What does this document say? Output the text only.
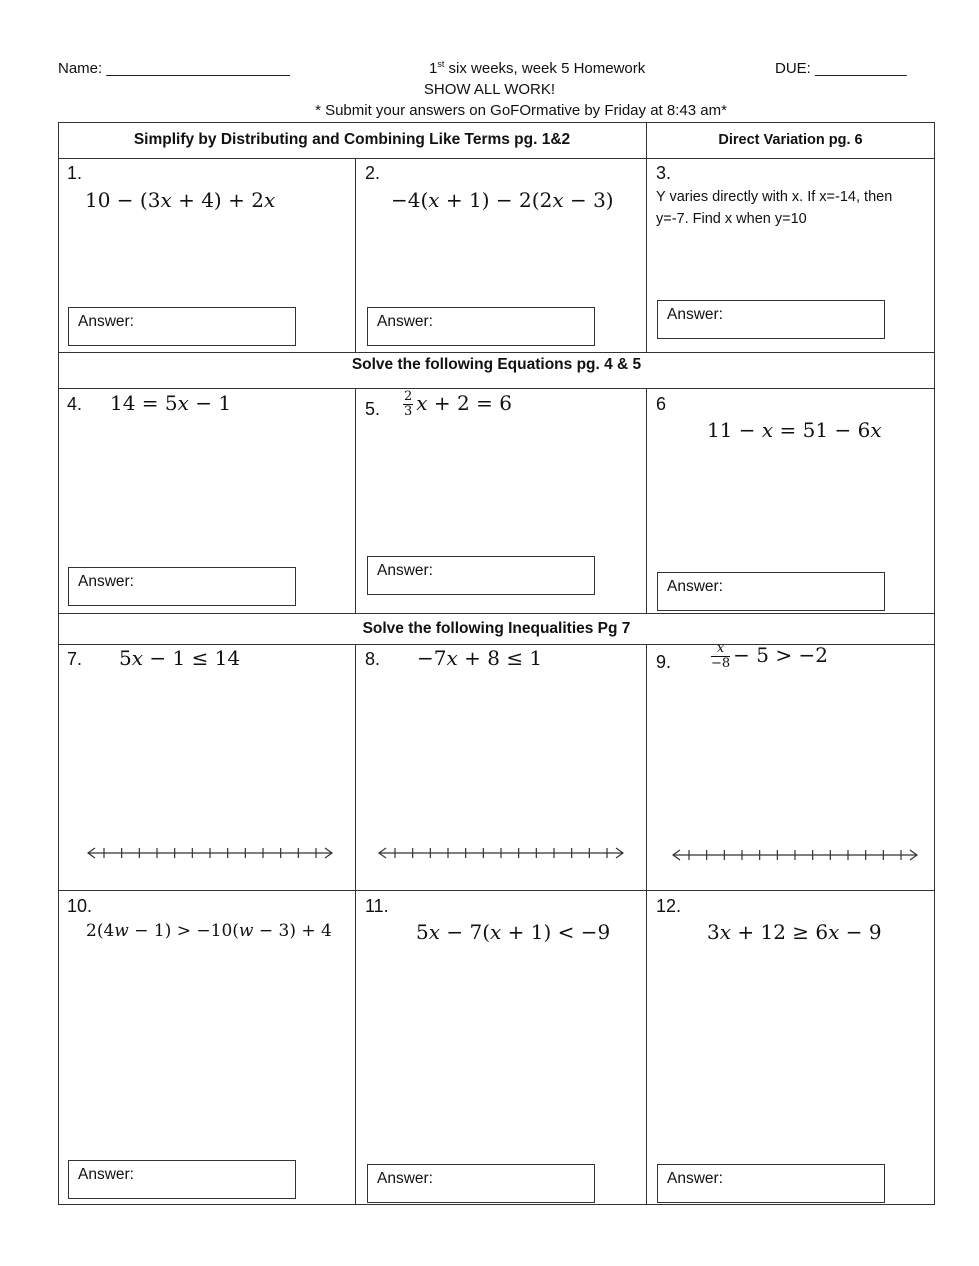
Name: ______________________	1st six weeks, week 5 Homework	DUE: ___________
SHOW ALL WORK!
* Submit your answers on GoFOrmative by Friday at 8:43 am*
Simplify by Distributing and Combining Like Terms pg. 1&2	Direct Variation pg. 6
Solve the following Equations pg. 4 & 5
Solve the following Inequalities Pg 7
1.
10 − (3x + 4) + 2x
Answer:
2.
−4(x + 1) − 2(2x − 3)
Answer:
3.
Y varies directly with x. If x=-14, then y=-7. Find x when y=10
Answer:
4. 14 = 5x − 1
Answer:
5. $\frac{2}{3}$ x + 2 = 6
Answer:
6
11 − x = 51 − 6x
Answer:
7. 5x − 1 ≤ 14	8. −7x + 8 ≤ 1	9.	$\frac{x}{-8} - 5 > -2$
10.
2(4w − 1) > −10(w − 3) + 4
Answer:
11.
5x − 7(x + 1) < −9
Answer:
12.
3x + 12 ≥ 6x − 9
Answer:
